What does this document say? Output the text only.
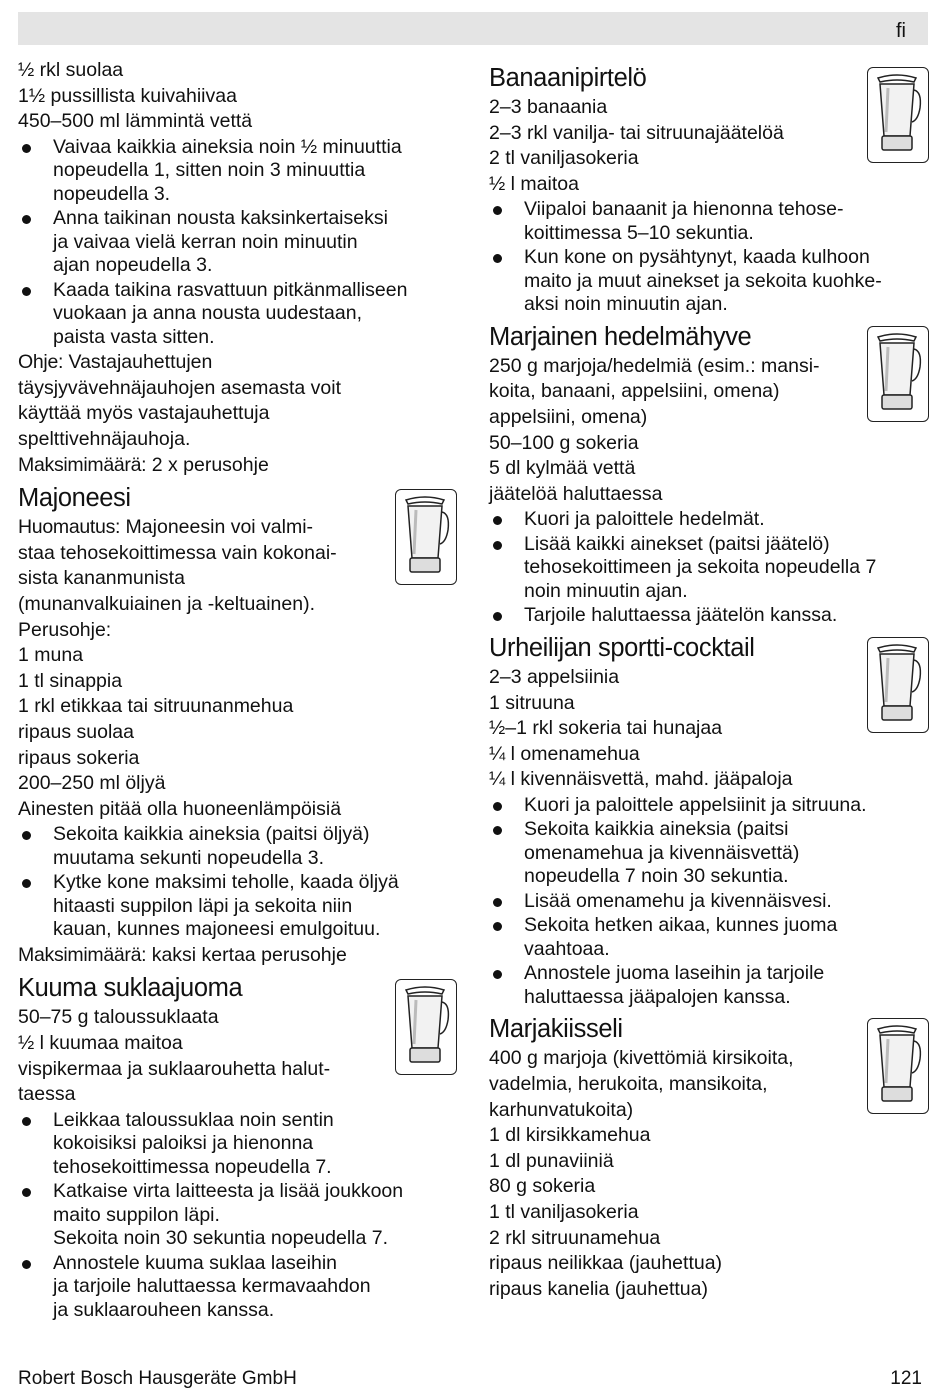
fi
½ rkl suolaa
1½ pussillista kuivahiivaa
450–500 ml lämmintä vettä
Vaivaa kaikkia aineksia noin ½ minuuttia
nopeudella 1, sitten noin 3 minuuttia
nopeudella 3.
Anna taikinan nousta kaksinkertaiseksi
ja vaivaa vielä kerran noin minuutin
ajan nopeudella 3.
Kaada taikina rasvattuun pitkänmalliseen
vuokaan ja anna nousta uudestaan,
paista vasta sitten.
Ohje: Vastajauhettujen
täysjyvävehnäjauhojen asemasta voit
käyttää myös vastajauhettuja
spelttivehnäjauhoja.
Maksimimäärä: 2 x perusohje
Majoneesi
Huomautus: Majoneesin voi valmi-
staa tehosekoittimessa vain kokonai-
sista kananmunista
(munanvalkuiainen ja -keltuainen).
Perusohje:
1 muna
1 tl sinappia
1 rkl etikkaa tai sitruunanmehua
ripaus suolaa
ripaus sokeria
200–250 ml öljyä
Ainesten pitää olla huoneenlämpöisiä
Sekoita kaikkia aineksia (paitsi öljyä)
muutama sekunti nopeudella 3.
Kytke kone maksimi teholle, kaada öljyä
hitaasti suppilon läpi ja sekoita niin
kauan, kunnes majoneesi emulgoituu.
Maksimimäärä: kaksi kertaa perusohje
Kuuma suklaajuoma
50–75 g taloussuklaata
½ l kuumaa maitoa
vispikermaa ja suklaarouhetta halut-
taessa
Leikkaa taloussuklaa noin sentin
kokoisiksi paloiksi ja hienonna
tehosekoittimessa nopeudella 7.
Katkaise virta laitteesta ja lisää joukkoon
maito suppilon läpi.
Sekoita noin 30 sekuntia nopeudella 7.
Annostele kuuma suklaa laseihin
ja tarjoile haluttaessa kermavaahdon
ja suklaarouheen kanssa.
Banaanipirtelö
2–3 banaania
2–3 rkl vanilja- tai sitruunajäätelöä
2 tl vaniljasokeria
½ l maitoa
Viipaloi banaanit ja hienonna tehose-
koittimessa 5–10 sekuntia.
Kun kone on pysähtynyt, kaada kulhoon
maito ja muut ainekset ja sekoita kuohke-
aksi noin minuutin ajan.
Marjainen hedelmähyve
250 g marjoja/hedelmiä (esim.: mansi-
koita, banaani, appelsiini, omena)
appelsiini, omena)
50–100 g sokeria
5 dl kylmää vettä
jäätelöä haluttaessa
Kuori ja paloittele hedelmät.
Lisää kaikki ainekset (paitsi jäätelö)
tehosekoittimeen ja sekoita nopeudella 7
noin minuutin ajan.
Tarjoile haluttaessa jäätelön kanssa.
Urheilijan sportti-cocktail
2–3 appelsiinia
1 sitruuna
½–1 rkl sokeria tai hunajaa
¼ l omenamehua
¼ l kivennäisvettä, mahd. jääpaloja
Kuori ja paloittele appelsiinit ja sitruuna.
Sekoita kaikkia aineksia (paitsi
omenamehua ja kivennäisvettä)
nopeudella 7 noin 30 sekuntia.
Lisää omenamehu ja kivennäisvesi.
Sekoita hetken aikaa, kunnes juoma
vaahtoaa.
Annostele juoma laseihin ja tarjoile
haluttaessa jääpalojen kanssa.
Marjakiisseli
400 g marjoja (kivettömiä kirsikoita,
vadelmia, herukoita, mansikoita,
karhunvatukoita)
1 dl kirsikkamehua
1 dl punaviiniä
80 g sokeria
1 tl vaniljasokeria
2 rkl sitruunamehua
ripaus neilikkaa (jauhettua)
ripaus kanelia (jauhettua)
Robert Bosch Hausgeräte GmbH	121
